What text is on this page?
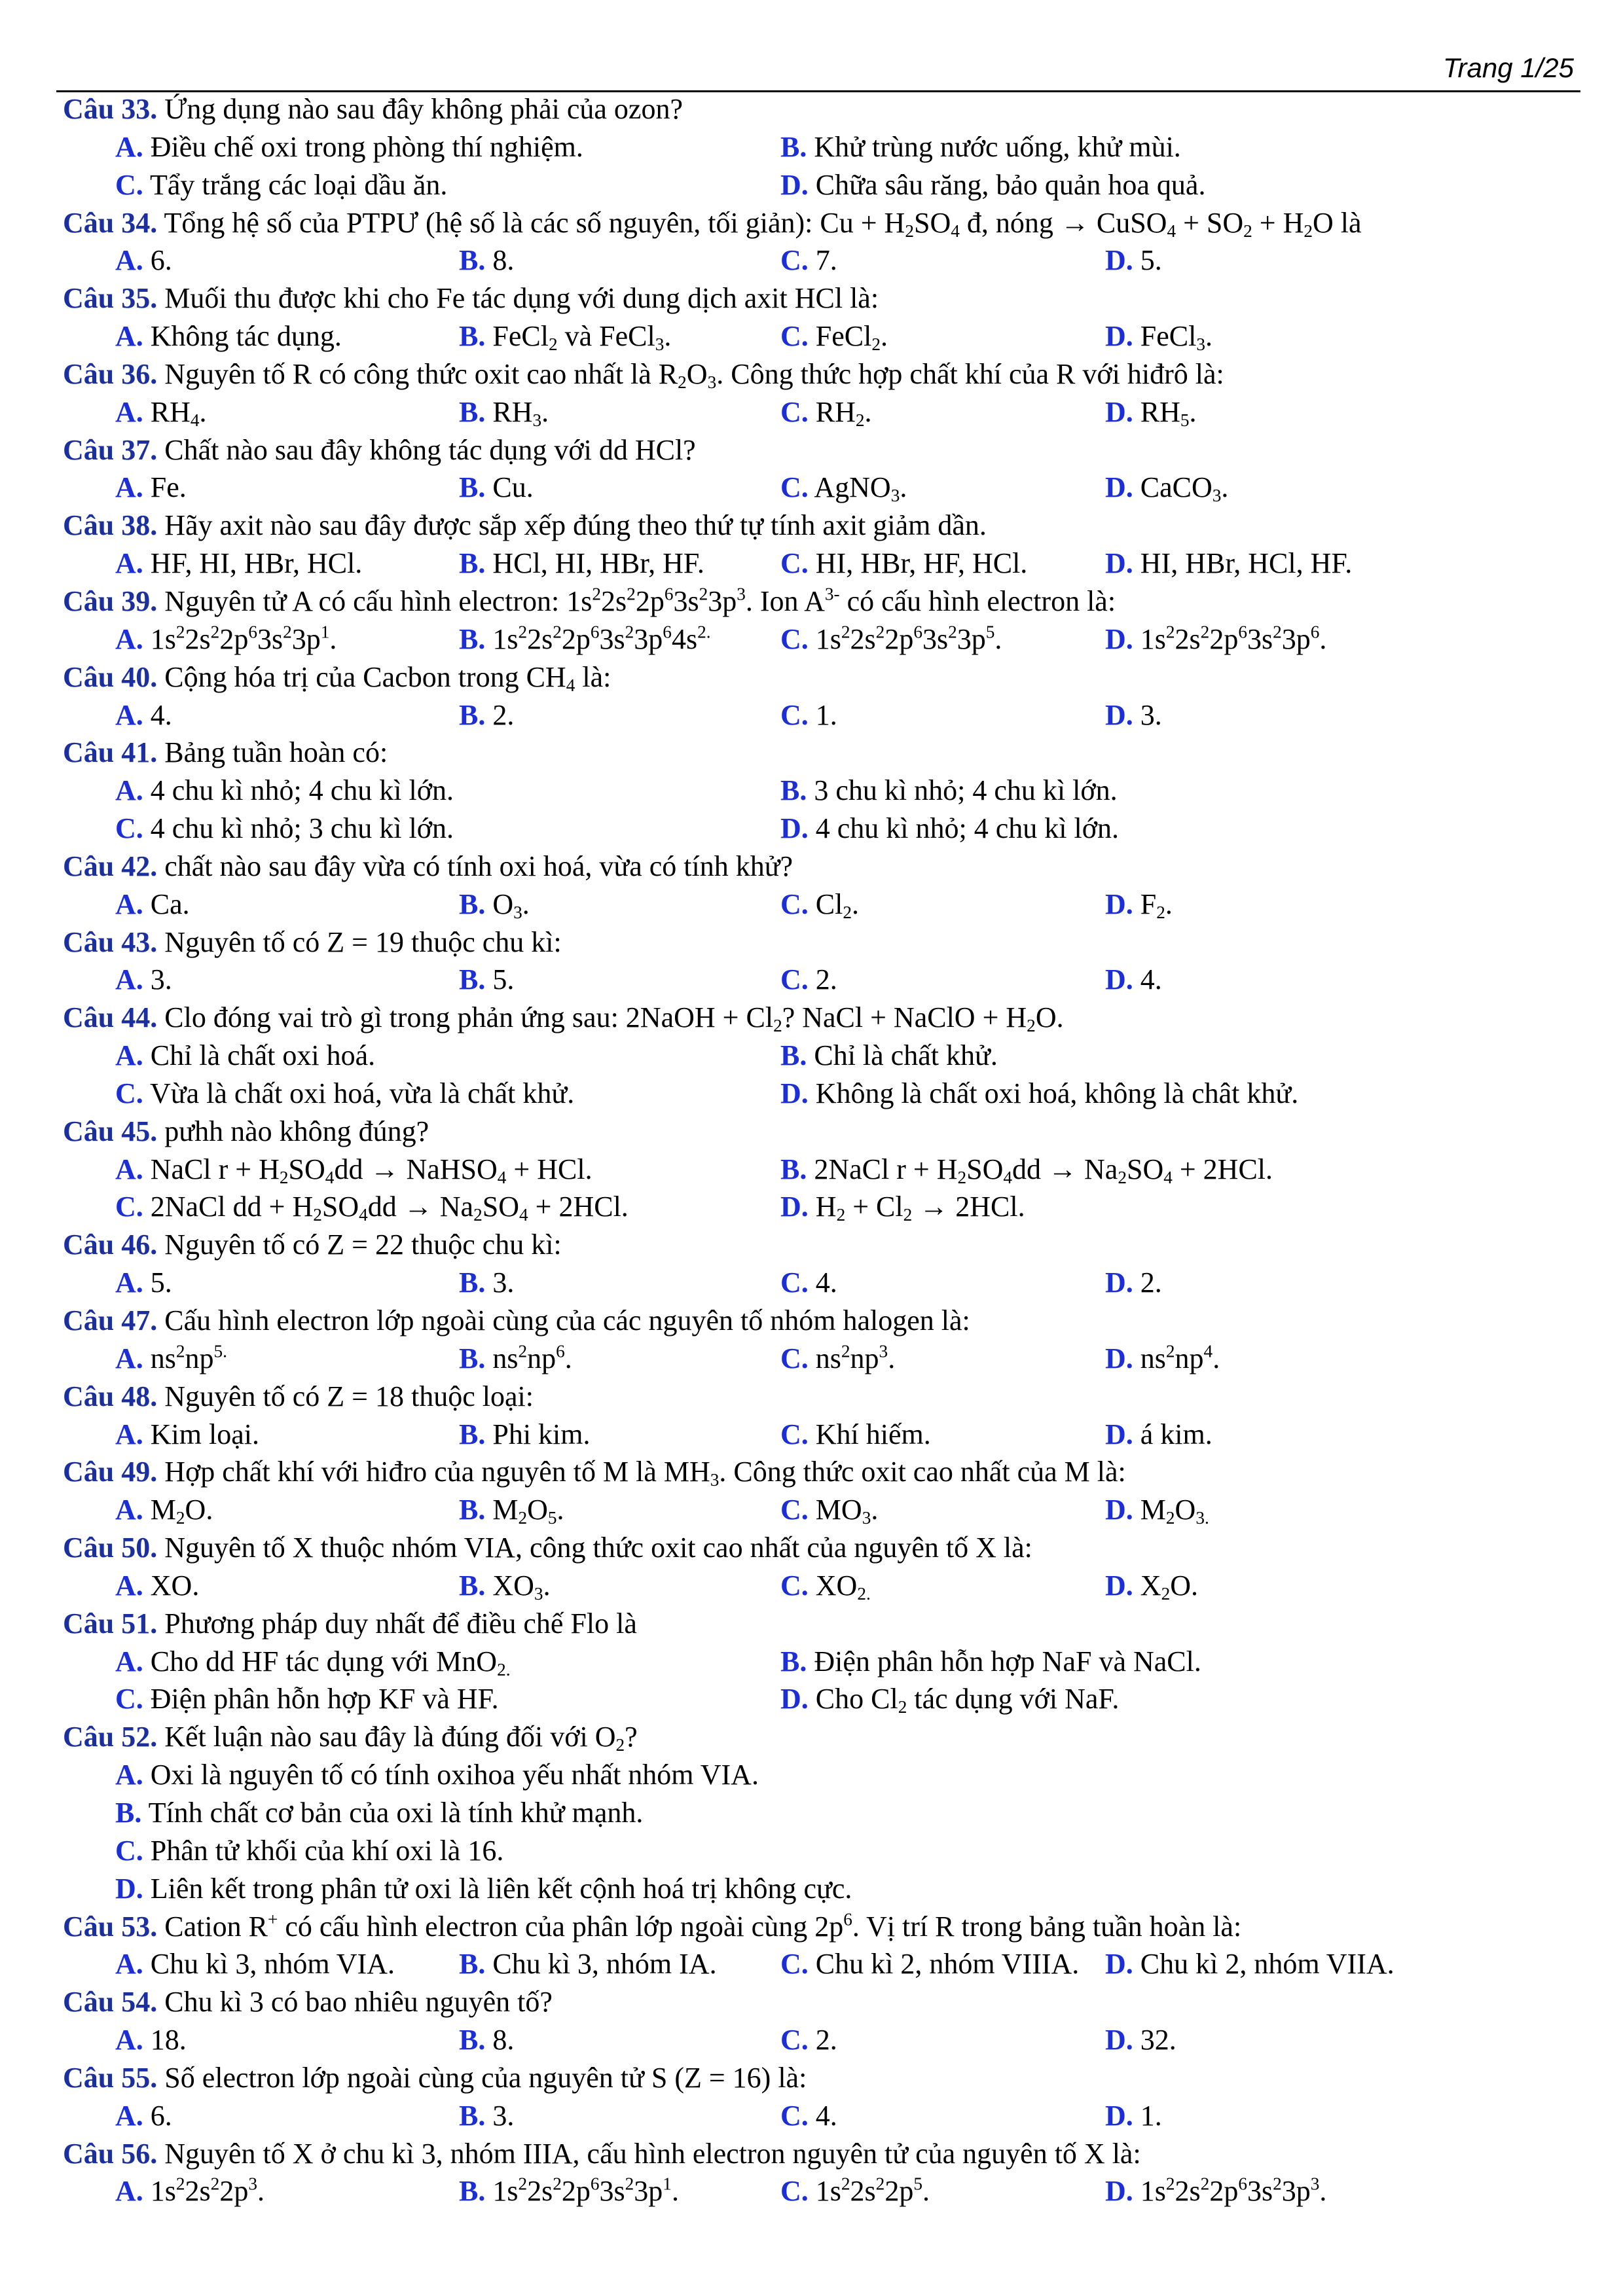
Trang 1/25
Câu 33. Ứng dụng nào sau đây không phải của ozon?
A. Điều chế oxi trong phòng thí nghiệm.	B. Khử trùng nước uống, khử mùi.
C. Tẩy trắng các loại dầu ăn.	D. Chữa sâu răng, bảo quản hoa quả.
Câu 34. Tổng hệ số của PTPƯ (hệ số là các số nguyên, tối giản): $Cu + H_2SO_4$ đ, nóng → CuSO$_4$ + $SO_2 + H_2O$ là
A. 6.	B. 8.	C. 7.	D. 5.
Câu 35. Muối thu được khi cho Fe tác dụng với dung dịch axit HCl là:
A. Không tác dụng.	B. FeCl$_2$ và FeCl$_3$.	C. FeCl$_2$.	D. FeCl$_3$.
Câu 36. Nguyên tố R có công thức oxit cao nhất là $R_2O_3$. Công thức hợp chất khí của R với hiđrô là:
A. $RH_4$.	B. $RH_3$.	C. $RH_2$.	D. $RH_5$.
Câu 37. Chất nào sau đây không tác dụng với dd HCl?
A. Fe.	B. Cu.	C. AgNO$_3$.	D. CaCO$_3$.
Câu 38. Hãy axit nào sau đây được sắp xếp đúng theo thứ tự tính axit giảm dần.
A. HF, HI, HBr, HCl.	B. HCl, HI, HBr, HF.	C. HI, HBr, HF, HCl.	D. HI, HBr, HCl, HF.
Câu 39. Nguyên tử A có cấu hình electron: $1s^22s^22p^63s^23p^3$. Ion $A^{3-}$ có cấu hình electron là:
A. $1s^22s^22p^63s^23p^1$.	B. $1s^22s^22p^63s^23p^64s^{2.}$ C. $1s^22s^22p^63s^23p^5$.	D. $1s^22s^22p^63s^23p^6$.
Câu 40. Cộng hóa trị của Cacbon trong $CH_4$ là:
A. 4.	B. 2.	C. 1.	D. 3.
Câu 41. Bảng tuần hoàn có:
A. 4 chu kì nhỏ; 4 chu kì lớn.	B. 3 chu kì nhỏ; 4 chu kì lớn.
C. 4 chu kì nhỏ; 3 chu kì lớn.	D. 4 chu kì nhỏ; 4 chu kì lớn.
Câu 42. chất nào sau đây vừa có tính oxi hoá, vừa có tính khử?
A. Ca.	B. $O_3$.	C. $Cl_2$.	D. $F_2$.
Câu 43. Nguyên tố có Z = 19 thuộc chu kì:
A. 3.	B. 5.	C. 2.	D. 4.
Câu 44. Clo đóng vai trò gì trong phản ứng sau: 2NaOH + $Cl_2$? NaCl + NaClO + $H_2O$.
A. Chỉ là chất oxi hoá.	B. Chỉ là chất khử.
C. Vừa là chất oxi hoá, vừa là chất khử.	D. Không là chất oxi hoá, không là chât khử.
Câu 45. pưhh nào không đúng?
A. NaCl $r + H_2SO_4dd$ → NaHSO$_4$ + HCl.	B. 2NaCl $r + H_2SO_4dd \to Na_2SO_4 + 2HCl$.
C. 2NaCl dd + $H_2SO_4dd \to Na_2SO_4 + 2HCl$.	D. $H_2 + Cl_2 \to 2HCl$.
Câu 46. Nguyên tố có Z = 22 thuộc chu kì:
A. 5.	B. 3.	C. 4.	D. 2.
Câu 47. Cấu hình electron lớp ngoài cùng của các nguyên tố nhóm halogen là:
A. $ns^2np^{5.}$	B. $ns^2np^6$.	C. $ns^2np^3$.	D. $ns^2np^4$.
Câu 48. Nguyên tố có Z = 18 thuộc loại:
A. Kim loại.	B. Phi kim.	C. Khí hiếm.	D. á kim.
Câu 49. Hợp chất khí với hiđro của nguyên tố M là $MH_3$. Công thức oxit cao nhất của M là:
A. $M_2O$.	B. $M_2O_5$.	C. $MO_3$.	D. $M_2O_{3.}$
Câu 50. Nguyên tố X thuộc nhóm VIA, công thức oxit cao nhất của nguyên tố X là:
A. XO.	B. $XO_3$.	C. $XO_{2.}$	D. $X_2O$.
Câu 51. Phương pháp duy nhất để điều chế Flo là
A. Cho dd HF tác dụng với MnO$_{2.}$	B. Điện phân hỗn hợp NaF và NaCl.
C. Điện phân hỗn hợp KF và HF.	D. Cho $Cl_2$ tác dụng với NaF.
Câu 52. Kết luận nào sau đây là đúng đối với $O_2$?
A. Oxi là nguyên tố có tính oxihoa yếu nhất nhóm VIA.
B. Tính chất cơ bản của oxi là tính khử mạnh.
C. Phân tử khối của khí oxi là 16.
D. Liên kết trong phân tử oxi là liên kết cộnh hoá trị không cực.
Câu 53. Cation R+ có cấu hình electron của phân lớp ngoài cùng $2p^6$. Vị trí R trong bảng tuần hoàn là:
A. Chu kì 3, nhóm VIA. B. Chu kì 3, nhóm IA. C. Chu kì 2, nhóm VIIIA. D. Chu kì 2, nhóm VIIA.
Câu 54. Chu kì 3 có bao nhiêu nguyên tố?
A. 18.	B. 8.	C. 2.	D. 32.
Câu 55. Số electron lớp ngoài cùng của nguyên tử S (Z = 16) là:
A. 6.	B. 3.	C. 4.	D. 1.
Câu 56. Nguyên tố X ở chu kì 3, nhóm IIIA, cấu hình electron nguyên tử của nguyên tố X là:
A. $1s^22s^22p^3$.	B. $1s^22s^22p^63s^23p^1$.	C. $1s^22s^22p^5$.	D. $1s^22s^22p^63s^23p^3$.
